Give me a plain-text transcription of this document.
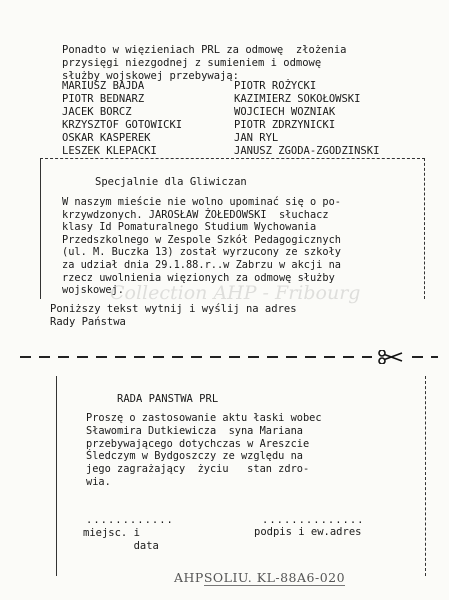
Ponadto w więzieniach PRL za odmowę  złożenia
przysięgi niezgodnej z sumieniem i odmowę
służby wojskowej przebywają:
MARIUSZ BAJDA	PIOTR ROŻYCKI
PIOTR BEDNARZ	KAZIMIERZ SOKOŁOWSKI
JACEK BORCZ	WOJCIECH WOZNIAK
KRZYSZTOF GOTOWICKI	PIOTR ZDRZYNICKI
OSKAR KASPEREK	JAN RYL
LESZEK KLEPACKI	JANUSZ ZGODA-ZGODZINSKI
Specjalnie dla Gliwiczan
W naszym mieście nie wolno upominać się o po-
krzywdzonych. JAROSŁAW ŻOŁEDOWSKI  słuchacz
klasy Id Pomaturalnego Studium Wychowania
Przedszkolnego w Zespole Szkół Pedagogicznych
(ul. M. Buczka 13) został wyrzucony ze szkoły
za udział dnia 29.1.88.r..w Zabrzu w akcji na
rzecz uwolnienia więzionych za odmowę służby
wojskowej.
Collection AHP - Fribourg
Poniższy tekst wytnij i wyślij na adres
Rady Państwa
RADA PANSTWA PRL
Proszę o zastosowanie aktu łaski wobec
Sławomira Dutkiewicza  syna Mariana
przebywającego dotychczas w Areszcie
Śledczym w Bydgoszczy ze względu na
jego zagrażający  życiu   stan zdro-
wia.
............	..............
miejsc. i
data
podpis i ew.adres
AHPSOLIU. KL-88A6-020
